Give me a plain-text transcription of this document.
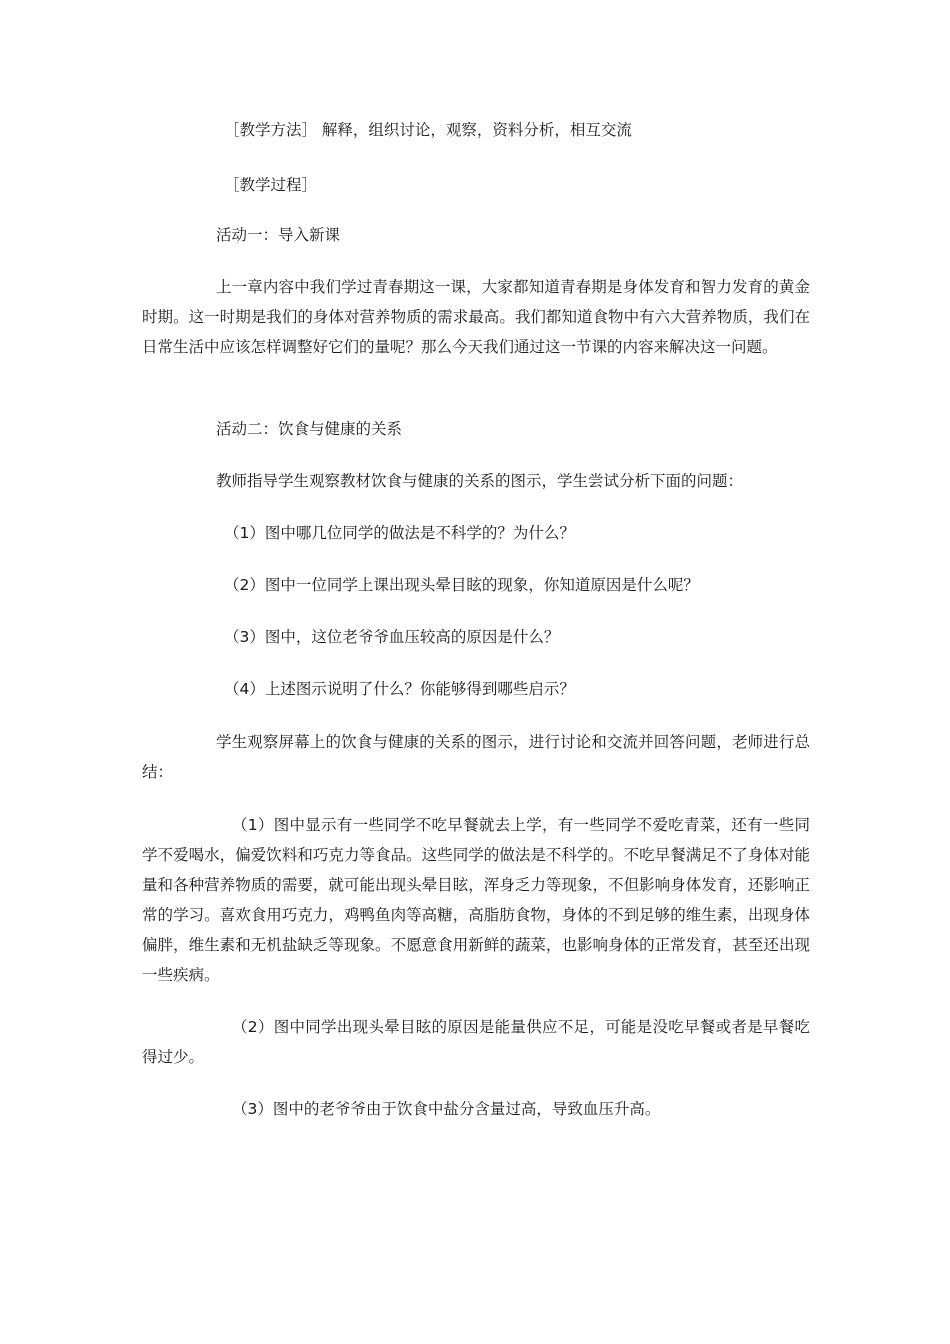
［教学方法］ 解释，组织讨论，观察，资料分析，相互交流
［教学过程］
活动一：导入新课
上一章内容中我们学过青春期这一课，大家都知道青春期是身体发育和智力发育的黄金时期。这一时期是我们的身体对营养物质的需求最高。我们都知道食物中有六大营养物质，我们在日常生活中应该怎样调整好它们的量呢？那么今天我们通过这一节课的内容来解决这一问题。
活动二：饮食与健康的关系
教师指导学生观察教材饮食与健康的关系的图示，学生尝试分析下面的问题：
（1）图中哪几位同学的做法是不科学的？为什么？
（2）图中一位同学上课出现头晕目眩的现象，你知道原因是什么呢？
（3）图中，这位老爷爷血压较高的原因是什么？
（4）上述图示说明了什么？你能够得到哪些启示？
学生观察屏幕上的饮食与健康的关系的图示，进行讨论和交流并回答问题，老师进行总结：
（1）图中显示有一些同学不吃早餐就去上学，有一些同学不爱吃青菜，还有一些同学不爱喝水，偏爱饮料和巧克力等食品。这些同学的做法是不科学的。不吃早餐满足不了身体对能量和各种营养物质的需要，就可能出现头晕目眩，浑身乏力等现象，不但影响身体发育，还影响正常的学习。喜欢食用巧克力，鸡鸭鱼肉等高糖，高脂肪食物，身体的不到足够的维生素，出现身体偏胖，维生素和无机盐缺乏等现象。不愿意食用新鲜的蔬菜，也影响身体的正常发育，甚至还出现一些疾病。
（2）图中同学出现头晕目眩的原因是能量供应不足，可能是没吃早餐或者是早餐吃得过少。
（3）图中的老爷爷由于饮食中盐分含量过高，导致血压升高。
